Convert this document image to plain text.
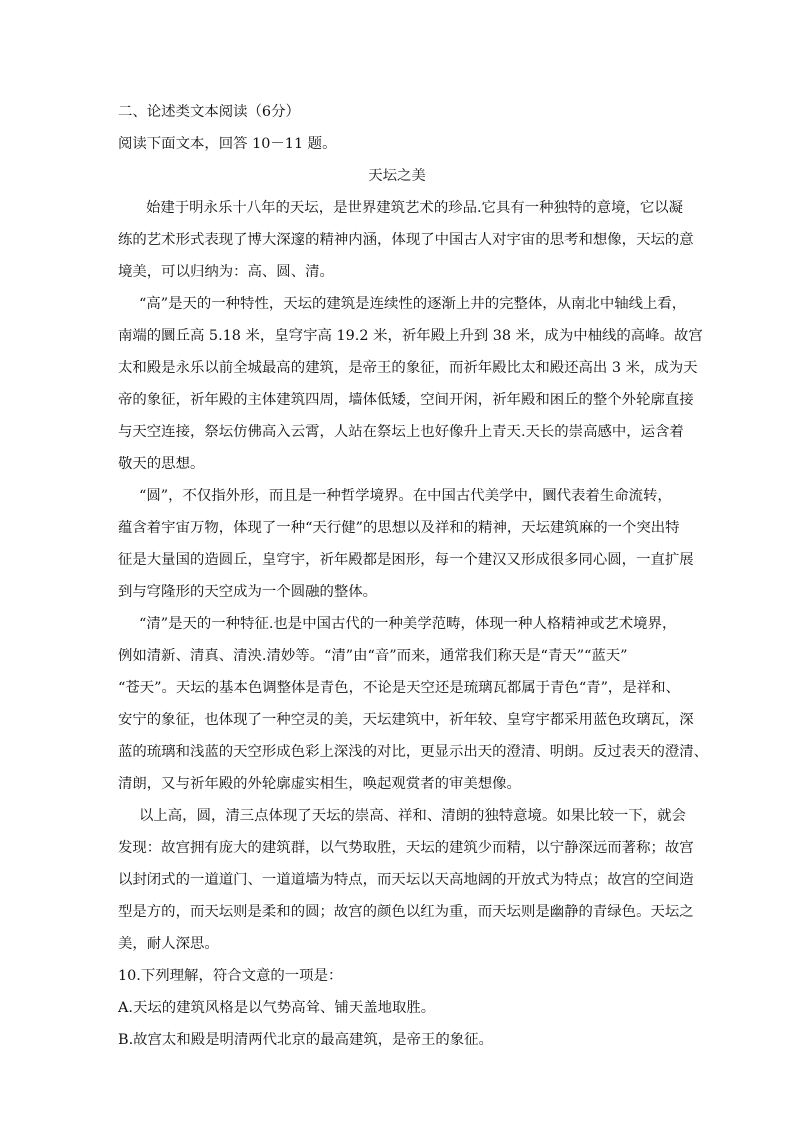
二、论述类文本阅读（6分）
阅读下面文本，回答 10－11 题。
天坛之美
始建于明永乐十八年的天坛，是世界建筑艺术的珍品.它具有一种独特的意境，它以凝
练的艺术形式表现了博大深邃的精神内涵，体现了中国古人对宇宙的思考和想像，天坛的意
境美，可以归纳为：高、圆、清。
“高”是天的一种特性，天坛的建筑是连续性的逐渐上井的完整体，从南北中轴线上看，
南端的圜丘高 5.18 米，皇穹宇高 19.2 米，祈年殿上升到 38 米，成为中柚线的高峰。故宫
太和殿是永乐以前全城最高的建筑，是帝王的象征，而祈年殿比太和殿还高出 3 米，成为天
帝的象征，祈年殿的主体建筑四周，墙体低矮，空间开闲，祈年殿和困丘的整个外轮廓直接
与天空连接，祭坛仿佛高入云霄，人站在祭坛上也好像升上青天.天长的崇高感中，运含着
敬天的思想。
“圆”，不仅指外形，而且是一种哲学境界。在中国古代美学中，圜代表着生命流转，
蕴含着宇宙万物，体现了一种“天行健”的思想以及祥和的精神，天坛建筑麻的一个突出特
征是大量国的造圆丘，皇穹宇，祈年殿都是困形，每一个建汉又形成很多同心圆，一直扩展
到与穹隆形的天空成为一个圆融的整体。
“清”是天的一种特征.也是中国古代的一种美学范畴，体现一种人格精神或艺术境界，
例如清新、清真、清泱.清妙等。“清”由“音”而来，通常我们称天是“青天”“蓝天”
“苍天”。天坛的基本色调整体是青色，不论是天空还是琉璃瓦都属于青色“青”，是祥和、
安宁的象征，也体现了一种空灵的美，天坛建筑中，祈年较、皇穹宇都采用蓝色玫璃瓦，深
蓝的琉璃和浅蓝的天空形成色彩上深浅的对比，更显示出天的澄清、明朗。反过表天的澄清、
清朗，又与祈年殿的外轮廓虚实相生，唤起观赏者的审美想像。
以上高，圆，清三点体现了天坛的崇高、祥和、清朗的独特意境。如果比较一下，就会
发现：故宫拥有庞大的建筑群，以气势取胜，天坛的建筑少而精，以宁静深远而著称；故宫
以封闭式的一道道门、一道道墙为特点，而天坛以天高地阔的开放式为特点；故宫的空间造
型是方的，而天坛则是柔和的圆；故宫的颜色以红为重，而天坛则是幽静的青绿色。天坛之
美，耐人深思。
10.下列理解，符合文意的一项是：
A.天坛的建筑风格是以气势高耸、铺天盖地取胜。
B.故宫太和殿是明清两代北京的最高建筑，是帝王的象征。
